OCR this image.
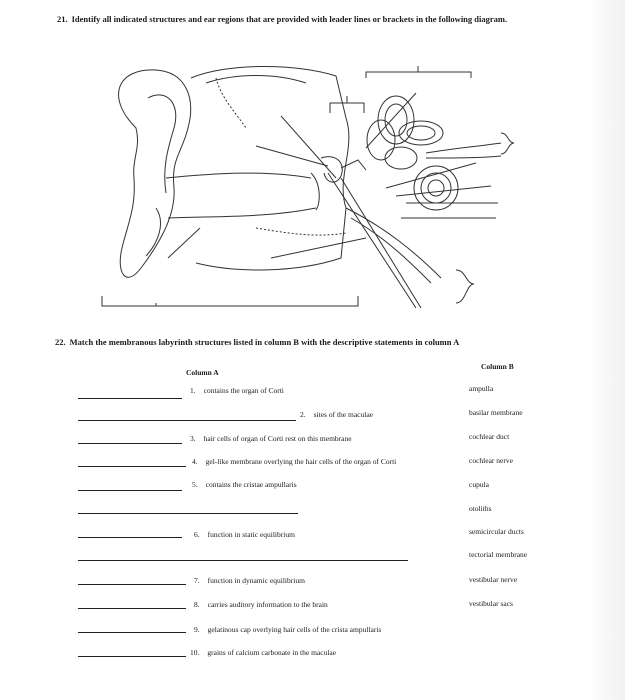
21. Identify all indicated structures and ear regions that are provided with leader lines or brackets in the following diagram.
22. Match the membranous labyrinth structures listed in column B with the descriptive statements in column A
Column A
Column B
1. contains the organ of Corti
2. sites of the maculae
3. hair cells of organ of Corti rest on this membrane
4. gel-like membrane overlying the hair cells of the organ of Corti
5. contains the cristae ampullaris
6. function in static equilibrium
7. function in dynamic equilibrium
8. carries auditory information to the brain
9. gelatinous cap overlying hair cells of the crista ampullaris
10. grains of calcium carbonate in the maculae
ampulla
basilar membrane
cochlear duct
cochlear nerve
cupula
otoliths
semicircular ducts
tectorial membrane
vestibular nerve
vestibular sacs
